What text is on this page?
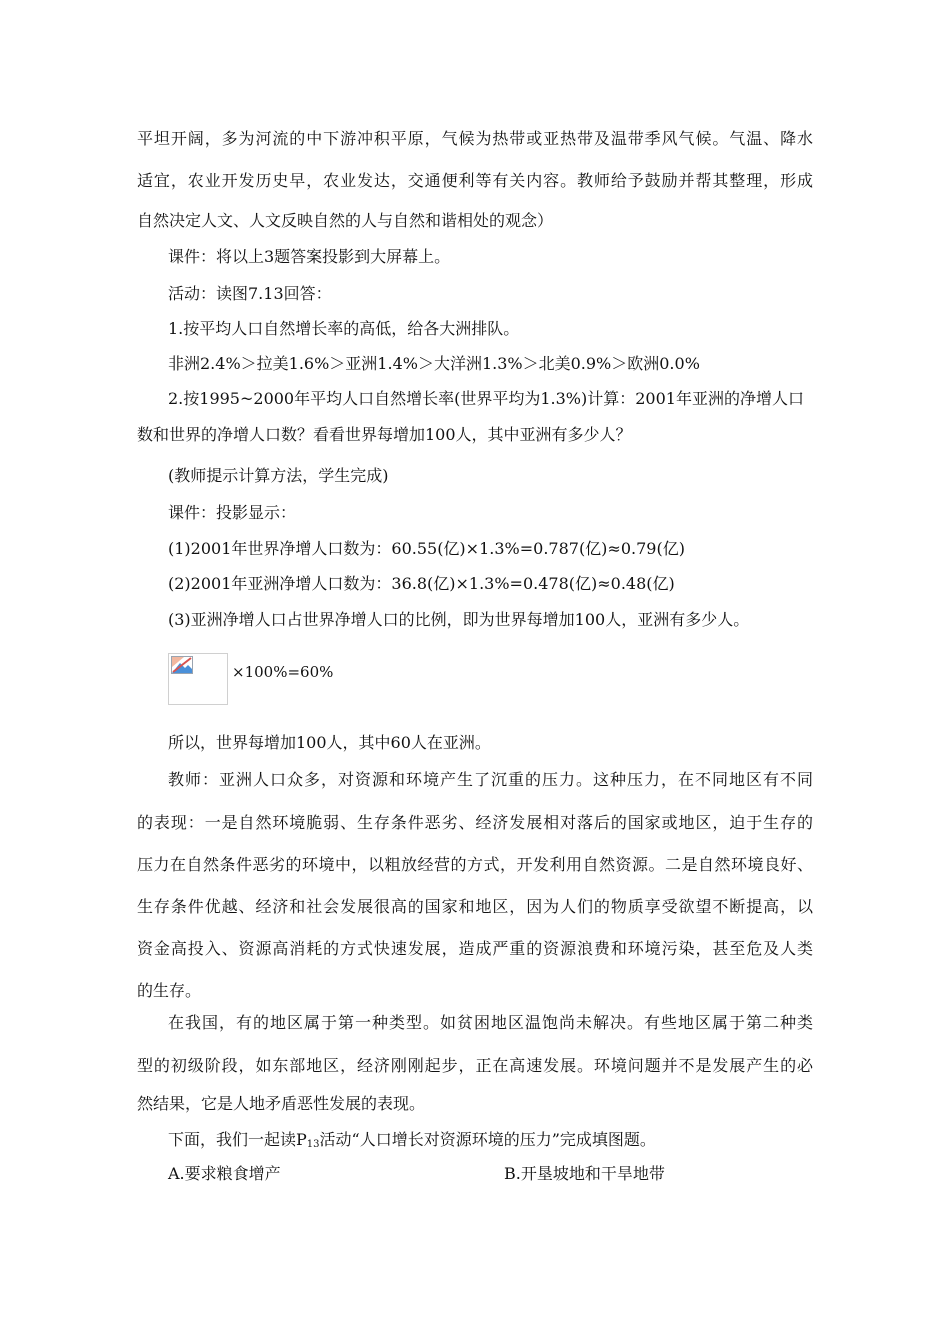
平坦开阔，多为河流的中下游冲积平原，气候为热带或亚热带及温带季风气候。气温、降水
适宜，农业开发历史早，农业发达，交通便利等有关内容。教师给予鼓励并帮其整理，形成
自然决定人文、人文反映自然的人与自然和谐相处的观念）
课件：将以上3题答案投影到大屏幕上。
活动：读图7.13回答：
1.按平均人口自然增长率的高低，给各大洲排队。
非洲2.4%＞拉美1.6%＞亚洲1.4%＞大洋洲1.3%＞北美0.9%＞欧洲0.0%
2.按1995~2000年平均人口自然增长率(世界平均为1.3%)计算：2001年亚洲的净增人口
数和世界的净增人口数？看看世界每增加100人，其中亚洲有多少人？
(教师提示计算方法，学生完成)
课件：投影显示：
(1)2001年世界净增人口数为：60.55(亿)×1.3%=0.787(亿)≈0.79(亿)
(2)2001年亚洲净增人口数为：36.8(亿)×1.3%=0.478(亿)≈0.48(亿)
(3)亚洲净增人口占世界净增人口的比例，即为世界每增加100人，亚洲有多少人。
×100%=60%
所以，世界每增加100人，其中60人在亚洲。
教师：亚洲人口众多，对资源和环境产生了沉重的压力。这种压力，在不同地区有不同
的表现：一是自然环境脆弱、生存条件恶劣、经济发展相对落后的国家或地区，迫于生存的
压力在自然条件恶劣的环境中，以粗放经营的方式，开发利用自然资源。二是自然环境良好、
生存条件优越、经济和社会发展很高的国家和地区，因为人们的物质享受欲望不断提高，以
资金高投入、资源高消耗的方式快速发展，造成严重的资源浪费和环境污染，甚至危及人类
的生存。
在我国，有的地区属于第一种类型。如贫困地区温饱尚未解决。有些地区属于第二种类
型的初级阶段，如东部地区，经济刚刚起步，正在高速发展。环境问题并不是发展产生的必
然结果，它是人地矛盾恶性发展的表现。
下面，我们一起读$P_{13}$活动“人口增长对资源环境的压力”完成填图题。
A.要求粮食增产	B.开垦坡地和干旱地带
